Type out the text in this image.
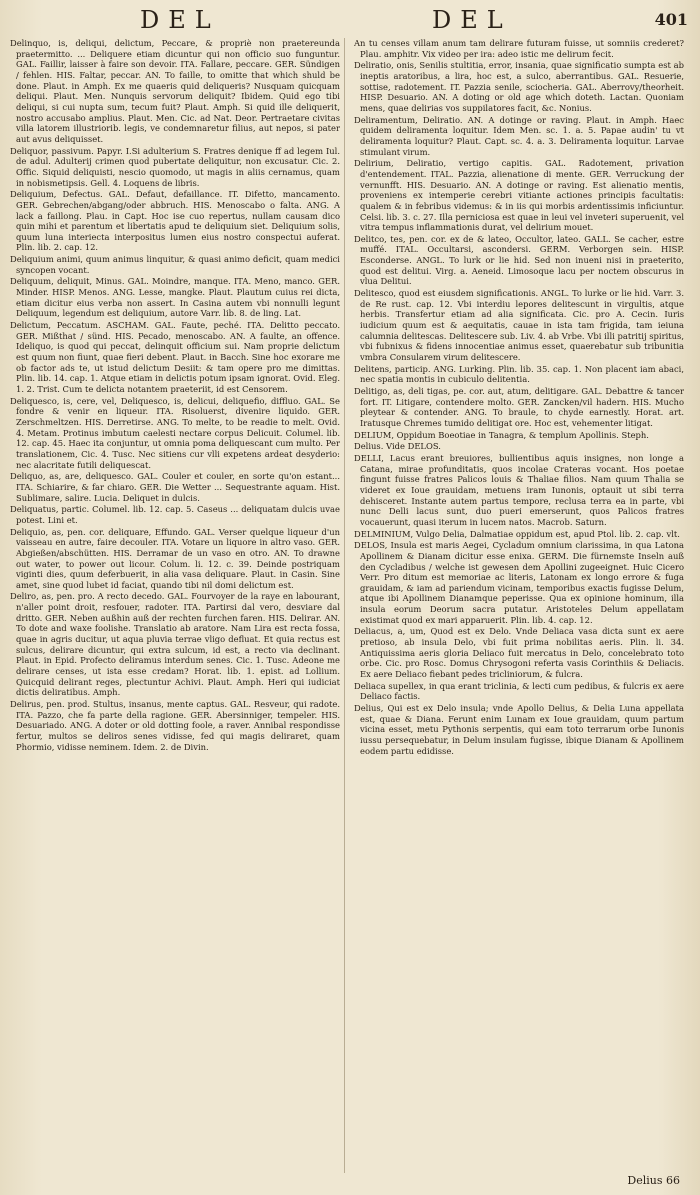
DEL	DEL	401

Delinquo, is, deliqui, delictum, Peccare, & propriè non praetereunda praetermitto. ... Deliquere etiam dicuntur qui non officio suo funguntur. GAL. Faillir, laisser à faire son devoir. ITA. Fallare, peccare. GER. Sündigen / fehlen. HIS. Faltar, peccar. AN. To faille, to omitte that which shuld be done. Plaut. in Amph. Ex me quaeris quid deliqueris? Nusquam quicquam deliqui. Plaut. Men. Nunquis servorum deliquit? Ibidem. Quid ego tibi deliqui, si cui nupta sum, tecum fuit? Plaut. Amph. Si quid ille deliquerit, nostro accusabo amplius. Plaut. Men. Cic. ad Nat. Deor. Pertraetare civitas villa latorem illustriorib. legis, ve condemnaretur filius, aut nepos, si pater aut avus deliquisset.

Deliquor, passivum. Papyr. I.Si adulterium S. Fratres denique ff ad legem Iul. de adul. Adulterij crimen quod pubertate deliquitur, non excusatur. Cic. 2. Offic. Siquid deliquisti, nescio quomodo, ut magis in aliis cernamus, quam in nobismetipsis. Gell. 4. Loquens de libris.

Deliquium, Defectus. GAL. Defaut, defaillance. IT. Difetto, mancamento. GER. Gebrechen/abgang/oder abbruch. HIS. Menoscabo o falta. ANG. A lack a faillong. Plau. in Capt. Hoc ise cuo repertus, nullam causam dico quin mihi et parentum et libertatis apud te deliquium siet. Deliquium solis, quum luna interiecta interpositus lumen eius nostro conspectui auferat. Plin. lib. 2. cap. 12.

Deliquium animi, quum animus linquitur, & quasi animo deficit, quam medici syncopen vocant.

Deliquum, deliquit, Minus. GAL. Moindre, manque. ITA. Meno, manco. GER. Minder. HISP. Menos. ANG. Lesse, mangke. Plaut. Plautum cuius rei dicta, etiam dicitur eius verba non assert. In Casina autem vbi nonnulli legunt Deliquum, legendum est deliquium, autore Varr. lib. 8. de ling. Lat.

Delictum, Peccatum. ASCHAM. GAL. Faute, peché. ITA. Delitto peccato. GER. Mißthat / sünd. HIS. Pecado, menoscabo. AN. A faulte, an offence. Ideliquo, is quod qui peccat, delinquit officium sui. Nam proprie delictum est quum non fiunt, quae fieri debent. Plaut. in Bacch. Sine hoc exorare me ob factor ads te, ut istud delictum Desiit: & tam opere pro me dimittas. Plin. lib. 14. cap. 1. Atque etiam in delictis potum ipsam ignorat. Ovid. Eleg. 1. 2. Trist. Cum te delicta notantem praeteriit, id est Censorem.

Deliquesco, is, cere, vel, Deliquesco, is, delicui, deliquefio, diffluo. GAL. Se fondre & venir en liqueur. ITA. Risoluerst, divenire liquido. GER. Zerschmeltzen. HIS. Derretirse. ANG. To melte, to be readie to melt. Ovid. 4. Metam. Protinus imbutum caelesti nectare corpus Delicuit. Columel. lib. 12. cap. 45. Haec ita conjuntur, ut omnia poma deliquescant cum multo. Per translationem, Cic. 4. Tusc. Nec sitiens cur vlli expetens ardeat desyderio: nec alacritate futili deliquescat.

Deliquo, as, are, deliquesco. GAL. Couler et couler, en sorte qu'on estant... ITA. Schiarire, & far chiaro. GER. Die Wetter ... Sequestrante aquam. Hist. Sublimare, salire. Lucia. Deliquet in dulcis.

Deliquatus, partic. Columel. lib. 12. cap. 5. Caseus ... deliquatam dulcis uvae potest. Lini et.

Deliquio, as, pen. cor. deliquare, Effundo. GAL. Verser quelque liqueur d'un vaisseau en autre, faire decouler. ITA. Votare un liquore in altro vaso. GER. Abgießen/abschütten. HIS. Derramar de un vaso en otro. AN. To drawne out water, to power out licour. Colum. li. 12. c. 39. Deinde postriquam viginti dies, quum deferbuerit, in alia vasa deliquare. Plaut. in Casin. Sine amet, sine quod lubet id faciat, quando tibi nil domi delictum est.

Deliro, as, pen. pro. A recto decedo. GAL. Fourvoyer de la raye en labourant, n'aller point droit, resfouer, radoter. ITA. Partirsi dal vero, desviare dal dritto. GER. Neben außhin auß der rechten furchen faren. HIS. Delirar. AN. To dote and waxe foolishe. Translatio ab aratore. Nam Lira est recta fossa, quae in agris ducitur, ut aqua pluvia terrae vligo defluat. Et quia rectus est sulcus, delirare dicuntur, qui extra sulcum, id est, a recto via declinant. Plaut. in Epid. Profecto deliramus interdum senes. Cic. 1. Tusc. Adeone me delirare censes, ut ista esse credam? Horat. lib. 1. epist. ad Lollium. Quicquid delirant reges, plectuntur Achivi. Plaut. Amph. Heri qui iudiciat dictis deliratibus. Amph.

Delirus, pen. prod. Stultus, insanus, mente captus. GAL. Resveur, qui radote. ITA. Pazzo, che fa parte della ragione. GER. Abersinniger, tempeler. HIS. Desuariado. ANG. A doter or old dotting foole, a raver. Annibal respondisse fertur, multos se deliros senes vidisse, fed qui magis deliraret, quam Phormio, vidisse neminem. Idem. 2. de Divin.

An tu censes villam anum tam delirare futuram fuisse, ut somniis crederet? Plau. amphitr. Vix video per ira: adeo istic me delirum fecit.

Deliratio, onis, Senilis stultitia, error, insania, quae significatio sumpta est ab ineptis aratoribus, a lira, hoc est, a sulco, aberrantibus. GAL. Resuerie, sottise, radotement. IT. Pazzia senile, sciocheria. GAL. Aberrovy/theorheit. HISP. Desuario. AN. A doting or old age which doteth. Lactan. Quoniam mens, quae delirias vos suppilatores facit, &c. Nonius.

Deliramentum, Deliratio. AN. A dotinge or raving. Plaut. in Amph. Haec quidem deliramenta loquitur. Idem Men. sc. 1. a. 5. Papae audin' tu vt deliramenta loquitur? Plaut. Capt. sc. 4. a. 3. Deliramenta loquitur. Larvae stimulant virum.

Delirium, Deliratio, vertigo capitis. GAL. Radotement, privation d'entendement. ITAL. Pazzia, alienatione di mente. GER. Verruckung der vernunfft. HIS. Desuario. AN. A dotinge or raving. Est alienatio mentis, proveniens ex intemperie cerebri vitiante actiones principis facultatis: qualem & in febribus videmus: & in iis qui morbis ardentissimis inficiuntur. Celsi. lib. 3. c. 27. Illa perniciosa est quae in leui vel inveteri superuenit, vel vitra tempus inflammationis durat, vel delirium mouet.

Delitco, tes, pen. cor. ex de & lateo, Occultor, lateo. GALL. Se cacher, estre muffé. ITAL. Occultarsi, ascondersi. GERM. Verborgen sein. HISP. Esconderse. ANGL. To lurk or lie hid. Sed non inueni nisi in praeterito, quod est delitui. Virg. a. Aeneid. Limosoque lacu per noctem obscurus in vlua Delitui.

Delitesco, quod est eiusdem significationis. ANGL. To lurke or lie hid. Varr. 3. de Re rust. cap. 12. Vbi interdiu lepores delitescunt in virgultis, atque herbis. Transfertur etiam ad alia significata. Cic. pro A. Cecin. Iuris iudicium quum est & aequitatis, cauae in ista tam frigida, tam ieiuna calumnia delitescas. Delitescere sub. Liv. 4. ab Vrbe. Vbi illi patritij spiritus, vbi fubnixus & fidens innocentiae animus esset, quaerebatur sub tribunitia vmbra Consularem virum delitescere.

Delitens, particip. ANG. Lurking. Plin. lib. 35. cap. 1. Non placent iam abaci, nec spatia montis in cubiculo delitentia.

Delitigo, as, deli tigas, pe. cor. aut, atum, delitigare. GAL. Debattre & tancer fort. IT. Litigare, contendere molto. GER. Zancken/vil hadern. HIS. Mucho pleytear & contender. ANG. To braule, to chyde earnestly. Horat. art. Iratusque Chremes tumido delitigat ore. Hoc est, vehementer litigat.

DELIUM, Oppidum Boeotiae in Tanagra, & templum Apollinis. Steph.

Delius. Vide DELOS.

DELLI, Lacus erant breuiores, bullientibus aquis insignes, non longe a Catana, mirae profunditatis, quos incolae Crateras vocant. Hos poetae fingunt fuisse fratres Palicos louis & Thaliae filios. Nam quum Thalia se videret ex Ioue grauidam, metuens iram Iunonis, optauit ut sibi terra dehisceret. Instante autem partus tempore, reclusa terra ea in parte, vbi nunc Delli lacus sunt, duo pueri emerserunt, quos Palicos fratres vocauerunt, quasi iterum in lucem natos. Macrob. Saturn.

DELMINIUM, Vulgo Delia, Dalmatiae oppidum est, apud Ptol. lib. 2. cap. vlt.

DELOS, Insula est maris Aegei, Cycladum omnium clarissima, in qua Latona Apollinem & Dianam dicitur esse enixa. GERM. Die fürnemste Inseln auß den Cycladibus / welche ist gewesen dem Apollini zugeeignet. Huic Cicero Verr. Pro ditum est memoriae ac literis, Latonam ex longo errore & fuga grauidam, & iam ad pariendum vicinam, temporibus exactis fugisse Delum, atque ibi Apollinem Dianamque peperisse. Qua ex opinione hominum, illa insula eorum Deorum sacra putatur. Aristoteles Delum appellatam existimat quod ex mari apparuerit. Plin. lib. 4. cap. 12.

Deliacus, a, um, Quod est ex Delo. Vnde Deliaca vasa dicta sunt ex aere pretioso, ab insula Delo, vbi fuit prima nobilitas aeris. Plin. li. 34. Antiquissima aeris gloria Deliaco fuit mercatus in Delo, concelebrato toto orbe. Cic. pro Rosc. Domus Chrysogoni referta vasis Corinthiis & Deliacis. Ex aere Deliaco fiebant pedes tricliniorum, & fulcra.

Deliaca supellex, in qua erant triclinia, & lecti cum pedibus, & fulcris ex aere Deliaco factis.

Delius, Qui est ex Delo insula; vnde Apollo Delius, & Delia Luna appellata est, quae & Diana. Ferunt enim Lunam ex Ioue grauidam, quum partum vicina esset, metu Pythonis serpentis, qui eam toto terrarum orbe Iunonis iussu persequebatur, in Delum insulam fugisse, ibique Dianam & Apollinem eodem partu edidisse.

Delius 66
